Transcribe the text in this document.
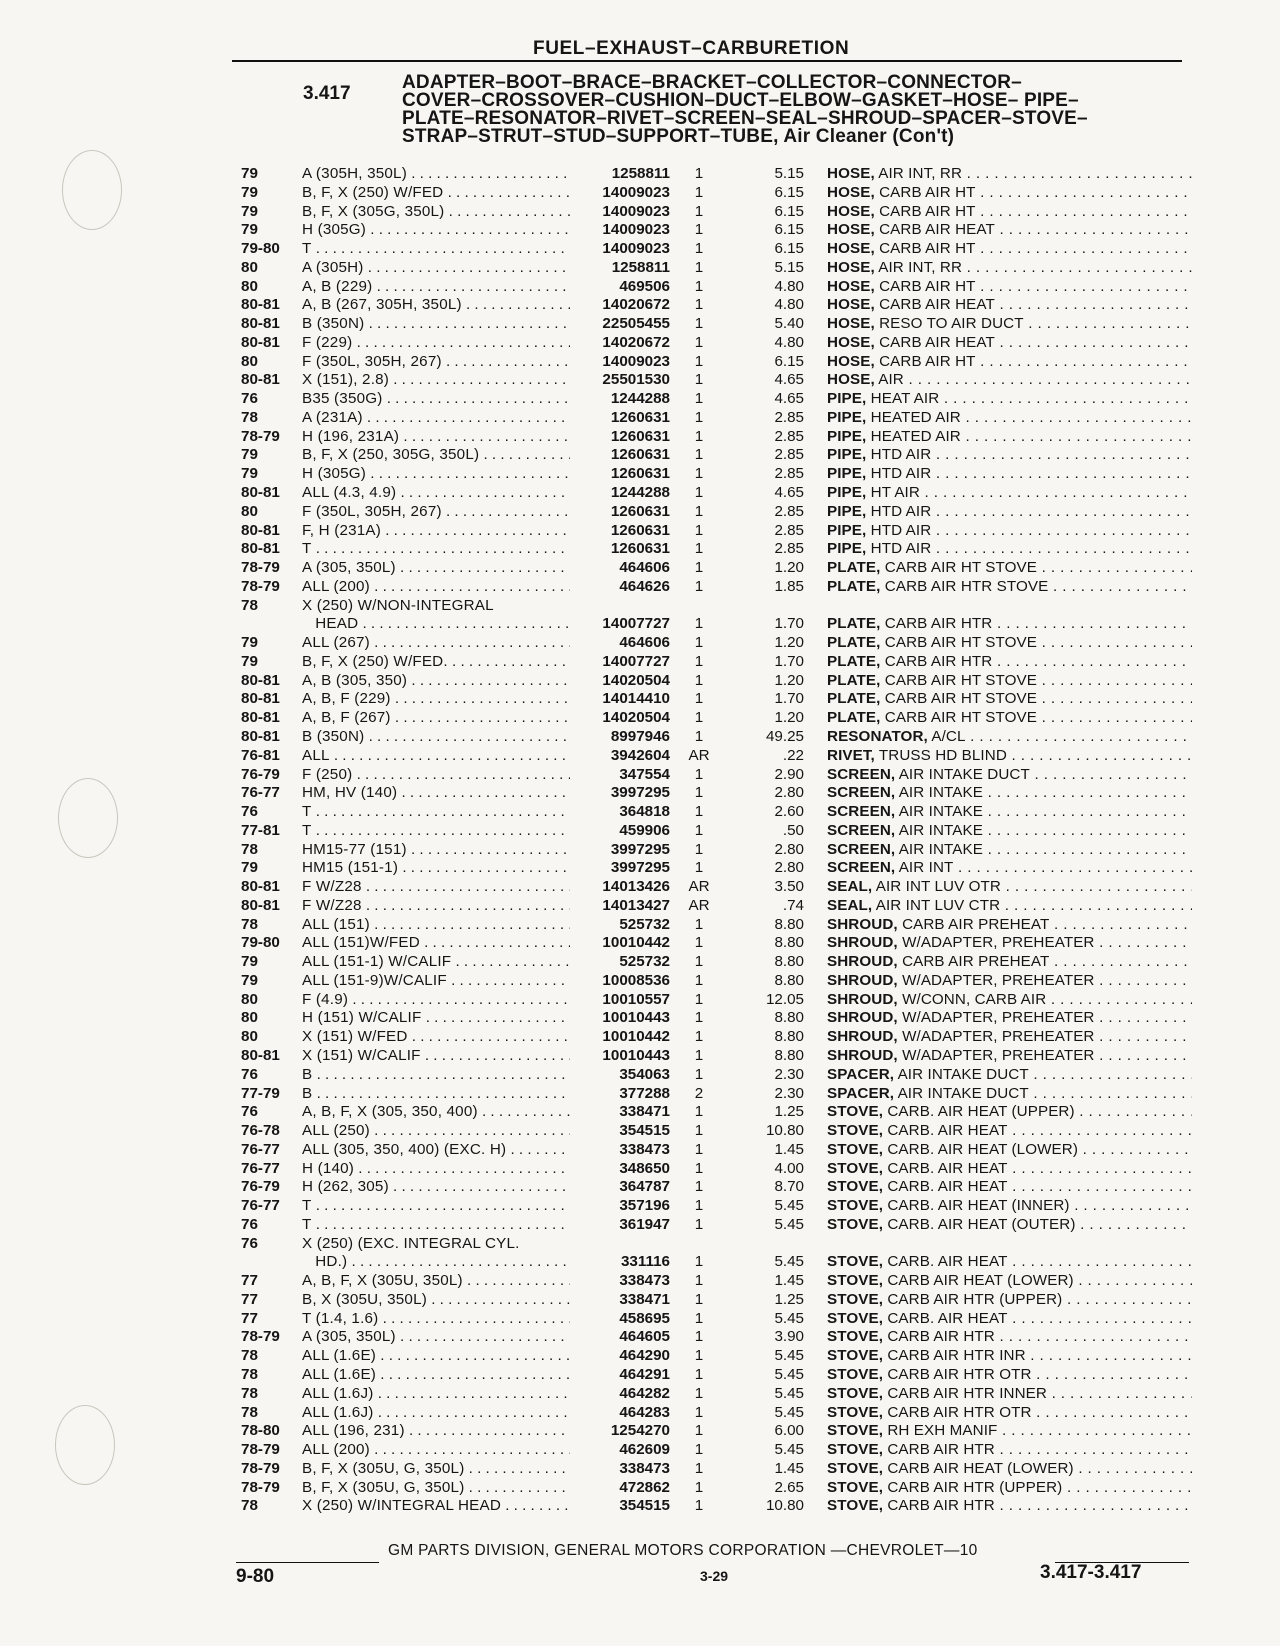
FUEL–EXHAUST–CARBURETION
3.417
ADAPTER–BOOT–BRACE–BRACKET–COLLECTOR–CONNECTOR–
COVER–CROSSOVER–CUSHION–DUCT–ELBOW–GASKET–HOSE– PIPE–
PLATE–RESONATOR–RIVET–SCREEN–SEAL–SHROUD–SPACER–STOVE–
STRAP–STRUT–STUD–SUPPORT–TUBE, Air Cleaner (Con't)
79	A (305H, 350L) . . .	1258811	1	5.15 HOSE, AIR INT, RR . . .
79	B, F, X (250) W/FED . . .	14009023	1	6.15 HOSE, CARB AIR HT . . .
79	B, F, X (305G, 350L) . . .	14009023	1	6.15 HOSE, CARB AIR HT . . .
79	H (305G) . . .	14009023	1	6.15 HOSE, CARB AIR HEAT . . .
79-80 T . . .	14009023	1	6.15 HOSE, CARB AIR HT . . .
80	A (305H) . . .	1258811	1	5.15 HOSE, AIR INT, RR . . .
80	A, B (229) . . .	469506	1	4.80 HOSE, CARB AIR HT . . .
80-81 A, B (267, 305H, 350L) . . .	14020672	1	4.80 HOSE, CARB AIR HEAT . . .
80-81 B (350N) . . .	22505455	1	5.40 HOSE, RESO TO AIR DUCT . . .
80-81 F (229) . . .	14020672	1	4.80 HOSE, CARB AIR HEAT . . .
80	F (350L, 305H, 267) . . .	14009023	1	6.15 HOSE, CARB AIR HT . . .
80-81 X (151), 2.8) . . .	25501530	1	4.65 HOSE, AIR . . .
76	B35 (350G) . . .	1244288	1	4.65 PIPE, HEAT AIR . . .
78	A (231A) . . .	1260631	1	2.85 PIPE, HEATED AIR . . .
78-79 H (196, 231A) . . .	1260631	1	2.85 PIPE, HEATED AIR . . .
79	B, F, X (250, 305G, 350L) . . .	1260631	1	2.85 PIPE, HTD AIR . . .
79	H (305G) . . .	1260631	1	2.85 PIPE, HTD AIR . . .
80-81 ALL (4.3, 4.9) . . .	1244288	1	4.65 PIPE, HT AIR . . .
80	F (350L, 305H, 267) . . .	1260631	1	2.85 PIPE, HTD AIR . . .
80-81 F, H (231A) . . .	1260631	1	2.85 PIPE, HTD AIR . . .
80-81 T . . .	1260631	1	2.85 PIPE, HTD AIR . . .
78-79 A (305, 350L) . . .	464606	1	1.20 PLATE, CARB AIR HT STOVE . . .
78-79 ALL (200) . . .	464626	1	1.85 PLATE, CARB AIR HTR STOVE . . .
78	X (250) W/NON-INTEGRAL
HEAD . . .	14007727	1	1.70 PLATE, CARB AIR HTR . . .
79	ALL (267) . . .	464606	1	1.20 PLATE, CARB AIR HT STOVE . . .
79	B, F, X (250) W/FED. . . .	14007727	1	1.70 PLATE, CARB AIR HTR . . .
80-81 A, B (305, 350) . . .	14020504	1	1.20 PLATE, CARB AIR HT STOVE . . .
80-81 A, B, F (229) . . .	14014410	1	1.70 PLATE, CARB AIR HT STOVE . . .
80-81 A, B, F (267) . . .	14020504	1	1.20 PLATE, CARB AIR HT STOVE . . .
80-81 B (350N) . . .	8997946	1	49.25 RESONATOR, A/CL . . .
76-81 ALL . . .	3942604	AR	.22 RIVET, TRUSS HD BLIND . . .
76-79 F (250) . . .	347554	1	2.90 SCREEN, AIR INTAKE DUCT . . .
76-77 HM, HV (140) . . .	3997295	1	2.80 SCREEN, AIR INTAKE . . .
76	T . . .	364818	1	2.60 SCREEN, AIR INTAKE . . .
77-81 T . . .	459906	1	.50 SCREEN, AIR INTAKE . . .
78	HM15-77 (151) . . .	3997295	1	2.80 SCREEN, AIR INTAKE . . .
79	HM15 (151-1) . . .	3997295	1	2.80 SCREEN, AIR INT . . .
80-81 F W/Z28 . . .	14013426	AR	3.50 SEAL, AIR INT LUV OTR . . .
80-81 F W/Z28 . . .	14013427	AR	.74 SEAL, AIR INT LUV CTR . . .
78	ALL (151) . . .	525732	1	8.80 SHROUD, CARB AIR PREHEAT . . .
79-80 ALL (151)W/FED . . .	10010442	1	8.80 SHROUD, W/ADAPTER, PREHEATER . . .
79	ALL (151-1) W/CALIF . . .	525732	1	8.80 SHROUD, CARB AIR PREHEAT . . .
79	ALL (151-9)W/CALIF . . .	10008536	1	8.80 SHROUD, W/ADAPTER, PREHEATER . . .
80	F (4.9) . . .	10010557	1	12.05 SHROUD, W/CONN, CARB AIR . . .
80	H (151) W/CALIF . . .	10010443	1	8.80 SHROUD, W/ADAPTER, PREHEATER . . .
80	X (151) W/FED . . .	10010442	1	8.80 SHROUD, W/ADAPTER, PREHEATER . . .
80-81 X (151) W/CALIF . . .	10010443	1	8.80 SHROUD, W/ADAPTER, PREHEATER . . .
76	B . . .	354063	1	2.30 SPACER, AIR INTAKE DUCT . . .
77-79 B . . .	377288	2	2.30 SPACER, AIR INTAKE DUCT . . .
76	A, B, F, X (305, 350, 400) . . .	338471	1	1.25 STOVE, CARB. AIR HEAT (UPPER) . . .
76-78 ALL (250) . . .	354515	1	10.80 STOVE, CARB. AIR HEAT . . .
76-77 ALL (305, 350, 400) (EXC. H) . . .	338473	1	1.45 STOVE, CARB. AIR HEAT (LOWER) . . .
76-77 H (140) . . .	348650	1	4.00 STOVE, CARB. AIR HEAT . . .
76-79 H (262, 305) . . .	364787	1	8.70 STOVE, CARB. AIR HEAT . . .
76-77 T . . .	357196	1	5.45 STOVE, CARB. AIR HEAT (INNER) . . .
76	T . . .	361947	1	5.45 STOVE, CARB. AIR HEAT (OUTER) . . .
76	X (250) (EXC. INTEGRAL CYL.
HD.) . . .	331116	1	5.45 STOVE, CARB. AIR HEAT . . .
77	A, B, F, X (305U, 350L) . . .	338473	1	1.45 STOVE, CARB AIR HEAT (LOWER) . . .
77	B, X (305U, 350L) . . .	338471	1	1.25 STOVE, CARB AIR HTR (UPPER) . . .
77	T (1.4, 1.6) . . .	458695	1	5.45 STOVE, CARB. AIR HEAT . . .
78-79 A (305, 350L) . . .	464605	1	3.90 STOVE, CARB AIR HTR . . .
78	ALL (1.6E) . . .	464290	1	5.45 STOVE, CARB AIR HTR INR . . .
78	ALL (1.6E) . . .	464291	1	5.45 STOVE, CARB AIR HTR OTR . . .
78	ALL (1.6J) . . .	464282	1	5.45 STOVE, CARB AIR HTR INNER . . .
78	ALL (1.6J) . . .	464283	1	5.45 STOVE, CARB AIR HTR OTR . . .
78-80 ALL (196, 231) . . .	1254270	1	6.00 STOVE, RH EXH MANIF . . .
78-79 ALL (200) . . .	462609	1	5.45 STOVE, CARB AIR HTR . . .
78-79 B, F, X (305U, G, 350L) . . .	338473	1	1.45 STOVE, CARB AIR HEAT (LOWER) . . .
78-79 B, F, X (305U, G, 350L) . . .	472862	1	2.65 STOVE, CARB AIR HTR (UPPER) . . .
78	X (250) W/INTEGRAL HEAD . . .	354515	1	10.80 STOVE, CARB AIR HTR . . .
GM PARTS DIVISION, GENERAL MOTORS CORPORATION —CHEVROLET—10
9-80	3-29	3.417-3.417
